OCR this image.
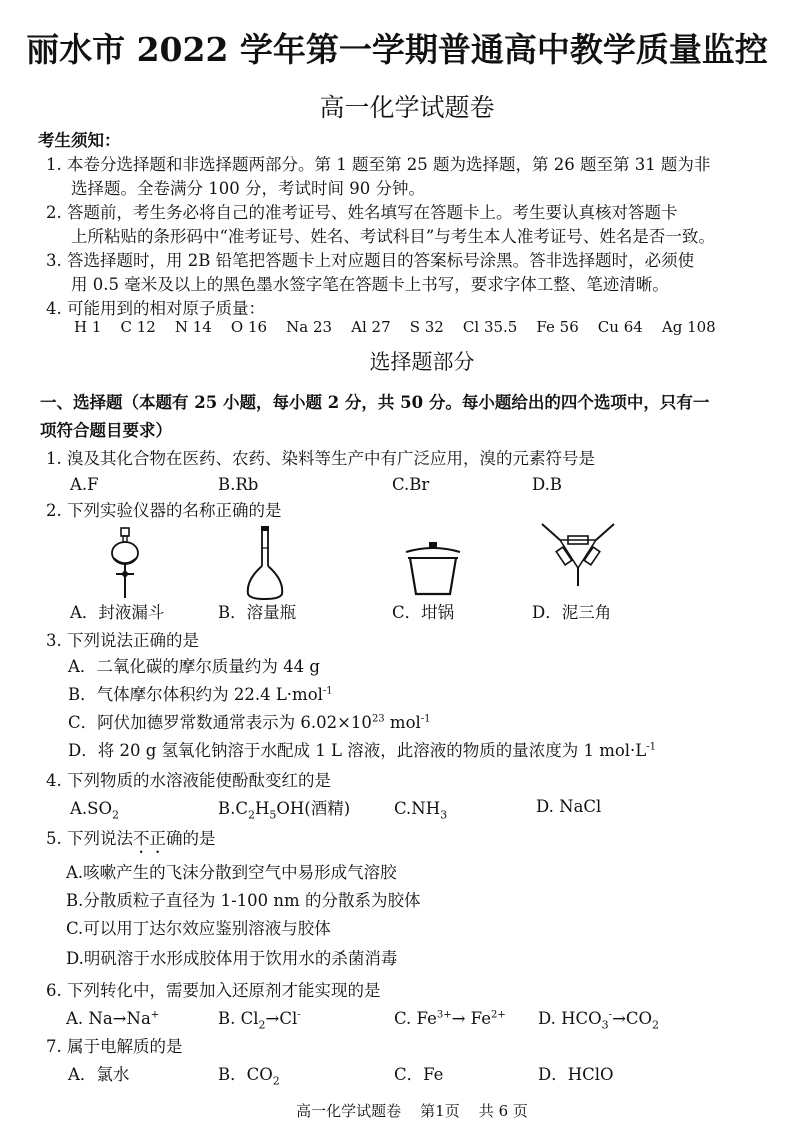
丽水市 2022 学年第一学期普通高中教学质量监控
高一化学试题卷
考生须知：
1. 本卷分选择题和非选择题两部分。第 1 题至第 25 题为选择题，第 26 题至第 31 题为非
选择题。全卷满分 100 分，考试时间 90 分钟。
2. 答题前，考生务必将自己的准考证号、姓名填写在答题卡上。考生要认真核对答题卡
上所粘贴的条形码中“准考证号、姓名、考试科目”与考生本人准考证号、姓名是否一致。
3. 答选择题时，用 2B 铅笔把答题卡上对应题目的答案标号涂黑。答非选择题时，必须使
用 0.5 毫米及以上的黑色墨水签字笔在答题卡上书写，要求字体工整、笔迹清晰。
4. 可能用到的相对原子质量：
H 1    C 12    N 14    O 16    Na 23    Al 27    S 32    Cl 35.5    Fe 56    Cu 64    Ag 108
选择题部分
一、选择题（本题有 25 小题，每小题 2 分，共 50 分。每小题给出的四个选项中，只有一
项符合题目要求）
1. 溴及其化合物在医药、农药、染料等生产中有广泛应用，溴的元素符号是
A.F	B.Rb	C.Br	D.B
2. 下列实验仪器的名称正确的是
A．封液漏斗	B．溶量瓶	C．坩锅	D．泥三角
3. 下列说法正确的是
A．二氧化碳的摩尔质量约为 44 g
B．气体摩尔体积约为 22.4 L·mol$^{-1}$
C．阿伏加德罗常数通常表示为 $6.02\times 10^{23}$ mol$^{-1}$
D．将 20 g 氢氧化钠溶于水配成 1 L 溶液，此溶液的物质的量浓度为 1 $mol\cdot L^{-1}$
4. 下列物质的水溶液能使酚酞变红的是
$A.SO_2$	$B.C_2H_5OH$(酒精)	$C.NH_3$	D. NaCl
5. 下列说法不正确的是
A.咳嗽产生的飞沫分散到空气中易形成气溶胶
B.分散质粒子直径为 1-100 nm 的分散系为胶体
C.可以用丁达尔效应鉴别溶液与胶体
D.明矾溶于水形成胶体用于饮用水的杀菌消毒
6. 下列转化中，需要加入还原剂才能实现的是
A. Na→Na+	B. $Cl_2\to Cl^-$	C. $Fe^{3+}\to Fe^{2+}$ D. $HCO_3^-\to CO_2$
7. 属于电解质的是
A．氯水	B．$CO_2$	C．Fe	D．HClO
高一化学试题卷    第1页    共 6 页
